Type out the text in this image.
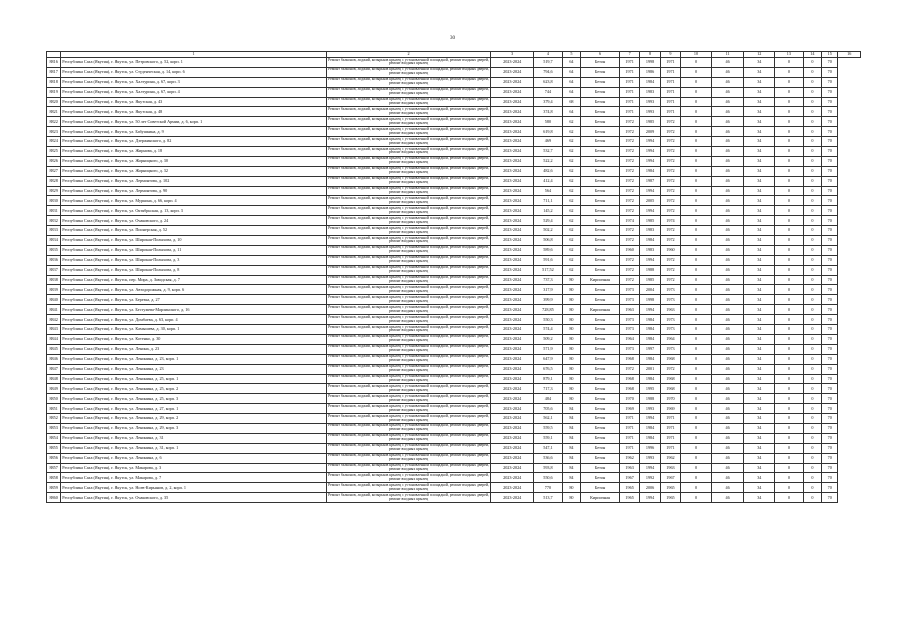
30
	1	2	3	4	5	6	7	8	9	10	11	12	13	14	15	16
8816	Республика Саха (Якутия), г. Якутск, ул. Петровского, д. 52, корп. 1	Ремонт балконов, лоджий, козырьков крылец с установленной площадкой, ремонт входных дверей, ремонт входных крылец	2023-2024	519,7	64	Бетон	1971	1998	1971	0	46	34	0	0	70	
8817	Республика Саха (Якутия), г. Якутск, ул. Студенческая, д. 14, корп. 6	Ремонт балконов, лоджий, козырьков крылец с установленной площадкой, ремонт входных дверей, ремонт входных крылец	2023-2024	794,6	64	Бетон	1971	1986	1971	0	46	34	0	0	70	
8818	Республика Саха (Якутия), г. Якутск, ул. Халтурина, д. 67, корп. 3	Ремонт балконов, лоджий, козырьков крылец с установленной площадкой, ремонт входных дверей, ремонт входных крылец	2023-2024	623,8	64	Бетон	1971	1984	1971	0	46	34	0	0	70	
8819	Республика Саха (Якутия), г. Якутск, ул. Халтурина, д. 67, корп. 4	Ремонт балконов, лоджий, козырьков крылец с установленной площадкой, ремонт входных дверей, ремонт входных крылец	2023-2024	744	64	Бетон	1971	1983	1971	0	46	34	0	0	70	
8820	Республика Саха (Якутия), г. Якутск, ул. Якутская, д. 43	Ремонт балконов, лоджий, козырьков крылец с установленной площадкой, ремонт входных дверей, ремонт входных крылец	2023-2024	379,4	68	Бетон	1971	1993	1971	0	46	34	0	0	70	
8821	Республика Саха (Якутия), г. Якутск, ул. Якутская, д. 48	Ремонт балконов, лоджий, козырьков крылец с установленной площадкой, ремонт входных дверей, ремонт входных крылец	2023-2024	374,8	64	Бетон	1971	1993	1971	0	46	34	0	0	70	
8822	Республика Саха (Якутия), г. Якутск, ул. 50 лет Советской Армии, д. 6, корп. 1	Ремонт балконов, лоджий, козырьков крылец с установленной площадкой, ремонт входных дверей, ремонт входных крылец	2023-2024	580	62	Бетон	1972	1985	1972	0	46	34	0	0	70	
8823	Республика Саха (Якутия), г. Якутск, ул. Бабушкина, д. 9	Ремонт балконов, лоджий, козырьков крылец с установленной площадкой, ремонт входных дверей, ремонт входных крылец	2023-2024	619,8	62	Бетон	1972	2009	1972	0	46	34	0	0	70	
8824	Республика Саха (Якутия), г. Якутск, ул. Дзержинского, д. 82	Ремонт балконов, лоджий, козырьков крылец с установленной площадкой, ремонт входных дверей, ремонт входных крылец	2023-2024	469	62	Бетон	1972	1994	1972	0	46	34	0	0	70	
8825	Республика Саха (Якутия), г. Якутск, ул. Жирнова, д. 18	Ремонт балконов, лоджий, козырьков крылец с установленной площадкой, ремонт входных дверей, ремонт входных крылец	2023-2024	532,7	62	Бетон	1972	1994	1972	0	46	34	0	0	70	
8826	Республика Саха (Якутия), г. Якутск, ул. Жорницкого, д. 30	Ремонт балконов, лоджий, козырьков крылец с установленной площадкой, ремонт входных дверей, ремонт входных крылец	2023-2024	522,2	62	Бетон	1972	1994	1972	0	46	34	0	0	70	
8827	Республика Саха (Якутия), г. Якутск, ул. Жорницкого, д. 32	Ремонт балконов, лоджий, козырьков крылец с установленной площадкой, ремонт входных дверей, ремонт входных крылец	2023-2024	482,6	62	Бетон	1972	1984	1972	0	46	34	0	0	70	
8828	Республика Саха (Якутия), г. Якутск, ул. Лермонтова, д. 102	Ремонт балконов, лоджий, козырьков крылец с установленной площадкой, ремонт входных дверей, ремонт входных крылец	2023-2024	412,4	62	Бетон	1972	1987	1972	0	46	34	0	0	70	
8829	Республика Саха (Якутия), г. Якутск, ул. Лермонтова, д. 90	Ремонт балконов, лоджий, козырьков крылец с установленной площадкой, ремонт входных дверей, ремонт входных крылец	2023-2024	564	62	Бетон	1972	1994	1972	0	46	34	0	0	70	
8830	Республика Саха (Якутия), г. Якутск, ул. Муркина, д. 66, корп. 4	Ремонт балконов, лоджий, козырьков крылец с установленной площадкой, ремонт входных дверей, ремонт входных крылец	2023-2024	711,1	62	Бетон	1972	2005	1972	0	46	34	0	0	70	
8831	Республика Саха (Якутия), г. Якутск, ул. Октябрьская, д. 13, корп. 3	Ремонт балконов, лоджий, козырьков крылец с установленной площадкой, ремонт входных дверей, ремонт входных крылец	2023-2024	145,2	62	Бетон	1972	1994	1972	0	46	34	0	0	70	
8832	Республика Саха (Якутия), г. Якутск, ул. Очаковского, д. 24	Ремонт балконов, лоджий, козырьков крылец с установленной площадкой, ремонт входных дверей, ремонт входных крылец	2023-2024	529,4	62	Бетон	1974	1985	1974	0	46	34	0	0	70	
8833	Республика Саха (Якутия), г. Якутск, ул. Пионерская, д. 52	Ремонт балконов, лоджий, козырьков крылец с установленной площадкой, ремонт входных дверей, ремонт входных крылец	2023-2024	502,2	62	Бетон	1972	1983	1972	0	46	34	0	0	70	
8834	Республика Саха (Якутия), г. Якутск, ул. Широкая-Полыхова, д. 10	Ремонт балконов, лоджий, козырьков крылец с установленной площадкой, ремонт входных дверей, ремонт входных крылец	2023-2024	506,8	62	Бетон	1972	1984	1972	0	46	34	0	0	70	
8835	Республика Саха (Якутия), г. Якутск, ул. Широкая-Полыхова, д. 11	Ремонт балконов, лоджий, козырьков крылец с установленной площадкой, ремонт входных дверей, ремонт входных крылец	2023-2024	589,6	62	Бетон	1960	1983	1960	0	46	34	0	0	70	
8836	Республика Саха (Якутия), г. Якутск, ул. Широкая-Полыхова, д. 3	Ремонт балконов, лоджий, козырьков крылец с установленной площадкой, ремонт входных дверей, ремонт входных крылец	2023-2024	591,6	62	Бетон	1972	1994	1972	0	46	34	0	0	70	
8837	Республика Саха (Якутия), г. Якутск, ул. Широкая-Полыхова, д. 8	Ремонт балконов, лоджий, козырьков крылец с установленной площадкой, ремонт входных дверей, ремонт входных крылец	2023-2024	517,52	62	Бетон	1972	1988	1972	0	46	34	0	0	70	
8838	Республика Саха (Якутия), г. Якутск, пер. Мира, д. Заводская, д. 7	Ремонт балконов, лоджий, козырьков крылец с установленной площадкой, ремонт входных дверей, ремонт входных крылец	2023-2024	737,3	80	Кирпичная	1972	1985	1972	0	46	34	0	0	70	
8839	Республика Саха (Якутия), г. Якутск, ул. Автодорожная, д. 9, корп. 6	Ремонт балконов, лоджий, козырьков крылец с установленной площадкой, ремонт входных дверей, ремонт входных крылец	2023-2024	317,9	80	Бетон	1973	2004	1973	0	46	34	0	0	70	
8840	Республика Саха (Якутия), г. Якутск, ул. Березка, д. 27	Ремонт балконов, лоджий, козырьков крылец с установленной площадкой, ремонт входных дверей, ремонт входных крылец	2023-2024	399,9	80	Бетон	1973	1998	1973	0	46	34	0	0	70	
8841	Республика Саха (Якутия), г. Якутск, ул. Бестужева-Марлинского, д. 16	Ремонт балконов, лоджий, козырьков крылец с установленной площадкой, ремонт входных дверей, ремонт входных крылец	2023-2024	728,85	80	Кирпичная	1963	1994	1963	0	46	34	0	0	70	
8842	Республика Саха (Якутия), г. Якутск, ул. Домбаева, д. 63, корп. 4	Ремонт балконов, лоджий, козырьков крылец с установленной площадкой, ремонт входных дверей, ремонт входных крылец	2023-2024	550,3	80	Бетон	1973	1984	1973	0	46	34	0	0	70	
8843	Республика Саха (Якутия), г. Якутск, ул. Камышева, д. 30, корп. 1	Ремонт балконов, лоджий, козырьков крылец с установленной площадкой, ремонт входных дверей, ремонт входных крылец	2023-2024	574,4	80	Бетон	1973	1984	1973	0	46	34	0	0	70	
8844	Республика Саха (Якутия), г. Якутск, ул. Котенко, д. 30	Ремонт балконов, лоджий, козырьков крылец с установленной площадкой, ремонт входных дверей, ремонт входных крылец	2023-2024	509,2	80	Бетон	1964	1984	1964	0	46	34	0	0	70	
8845	Республика Саха (Якутия), г. Якутск, ул. Ленина, д. 23	Ремонт балконов, лоджий, козырьков крылец с установленной площадкой, ремонт входных дверей, ремонт входных крылец	2023-2024	571,9	80	Бетон	1973	1997	1973	0	46	34	0	0	70	
8846	Республика Саха (Якутия), г. Якутск, ул. Ленинина, д. 23, корп. 1	Ремонт балконов, лоджий, козырьков крылец с установленной площадкой, ремонт входных дверей, ремонт входных крылец	2023-2024	647,9	80	Бетон	1968	1984	1968	0	46	34	0	0	70	
8847	Республика Саха (Якутия), г. Якутск, ул. Ленинина, д. 23	Ремонт балконов, лоджий, козырьков крылец с установленной площадкой, ремонт входных дверей, ремонт входных крылец	2023-2024	676,5	80	Бетон	1972	2001	1972	0	46	34	0	0	70	
8848	Республика Саха (Якутия), г. Якутск, ул. Ленинина, д. 25, корп. 1	Ремонт балконов, лоджий, козырьков крылец с установленной площадкой, ремонт входных дверей, ремонт входных крылец	2023-2024	879,1	80	Бетон	1968	1984	1968	0	46	34	0	0	70	
8849	Республика Саха (Якутия), г. Якутск, ул. Ленинина, д. 25, корп. 2	Ремонт балконов, лоджий, козырьков крылец с установленной площадкой, ремонт входных дверей, ремонт входных крылец	2023-2024	717,3	80	Бетон	1968	1995	1968	0	46	34	0	0	70	
8850	Республика Саха (Якутия), г. Якутск, ул. Ленинина, д. 25, корп. 3	Ремонт балконов, лоджий, козырьков крылец с установленной площадкой, ремонт входных дверей, ремонт входных крылец	2023-2024	484	80	Бетон	1970	1988	1970	0	46	34	0	0	70	
8851	Республика Саха (Якутия), г. Якутск, ул. Ленинина, д. 27, корп. 1	Ремонт балконов, лоджий, козырьков крылец с установленной площадкой, ремонт входных дверей, ремонт входных крылец	2023-2024	705,6	84	Бетон	1969	1993	1969	0	46	34	0	0	70	
8852	Республика Саха (Якутия), г. Якутск, ул. Ленинина, д. 29, корп. 2	Ремонт балконов, лоджий, козырьков крылец с установленной площадкой, ремонт входных дверей, ремонт входных крылец	2023-2024	562,1	84	Бетон	1971	1994	1971	0	46	34	0	0	70	
8853	Республика Саха (Якутия), г. Якутск, ул. Ленинина, д. 29, корп. 3	Ремонт балконов, лоджий, козырьков крылец с установленной площадкой, ремонт входных дверей, ремонт входных крылец	2023-2024	559,5	84	Бетон	1971	1984	1971	0	46	34	0	0	70	
8854	Республика Саха (Якутия), г. Якутск, ул. Ленинина, д. 31	Ремонт балконов, лоджий, козырьков крылец с установленной площадкой, ремонт входных дверей, ремонт входных крылец	2023-2024	559,1	84	Бетон	1971	1984	1971	0	46	34	0	0	70	
8855	Республика Саха (Якутия), г. Якутск, ул. Ленинина, д. 31, корп. 1	Ремонт балконов, лоджий, козырьков крылец с установленной площадкой, ремонт входных дверей, ремонт входных крылец	2023-2024	547,1	84	Бетон	1971	1996	1971	0	46	34	0	0	70	
8856	Республика Саха (Якутия), г. Якутск, ул. Ленинина, д. 6	Ремонт балконов, лоджий, козырьков крылец с установленной площадкой, ремонт входных дверей, ремонт входных крылец	2023-2024	536,6	84	Бетон	1962	1993	1962	0	46	34	0	0	70	
8857	Республика Саха (Якутия), г. Якутск, ул. Макарова, д. 3	Ремонт балконов, лоджий, козырьков крылец с установленной площадкой, ремонт входных дверей, ремонт входных крылец	2023-2024	593,8	84	Бетон	1963	1994	1963	0	46	34	0	0	70	
8858	Республика Саха (Якутия), г. Якутск, ул. Макарова, д. 7	Ремонт балконов, лоджий, козырьков крылец с установленной площадкой, ремонт входных дверей, ремонт входных крылец	2023-2024	550,6	84	Бетон	1967	1992	1967	0	46	34	0	0	70	
8859	Республика Саха (Якутия), г. Якутск, ул. Ноев-Кирьянов, д. 2, корп. 1	Ремонт балконов, лоджий, козырьков крылец с установленной площадкой, ремонт входных дверей, ремонт входных крылец	2023-2024	770	80	Бетон	1965	2006	1965	0	46	34	0	0	70	
8860	Республика Саха (Якутия), г. Якутск, ул. Очаковского, д. 35	Ремонт балконов, лоджий, козырьков крылец с установленной площадкой, ремонт входных дверей, ремонт входных крылец	2023-2024	513,7	80	Кирпичная	1965	1994	1965	0	46	34	0	0	70	
